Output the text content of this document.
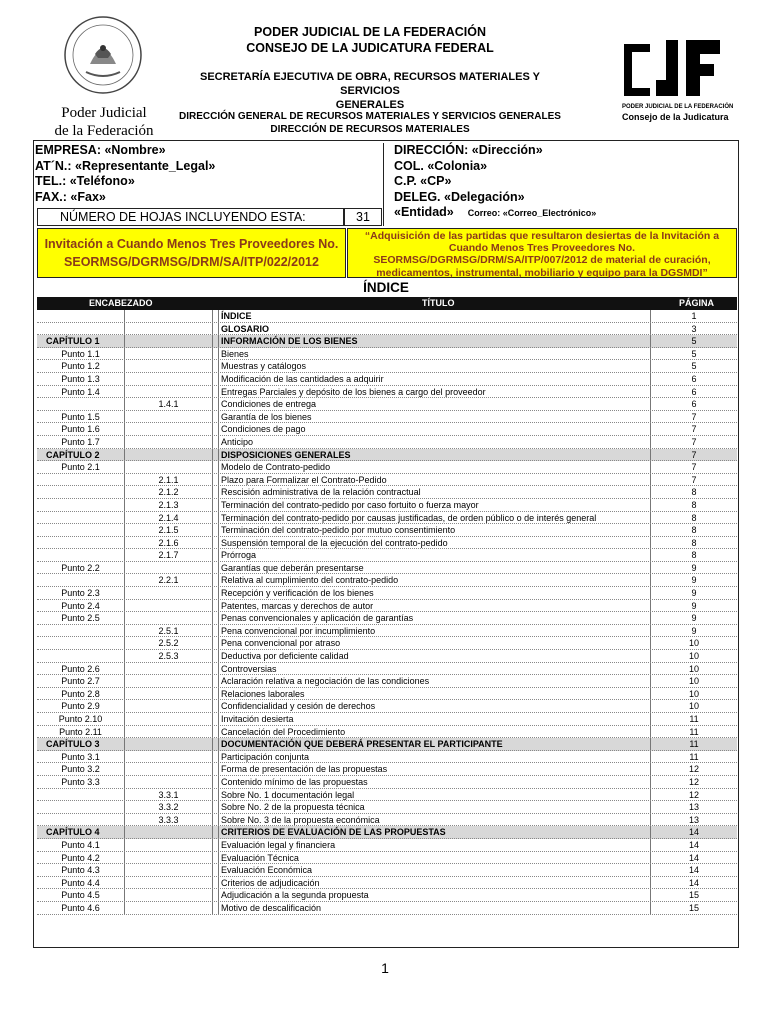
Poder Judicial
de la Federación
PODER JUDICIAL DE LA FEDERACIÓN
CONSEJO DE LA JUDICATURA FEDERAL
SECRETARÍA EJECUTIVA DE OBRA, RECURSOS MATERIALES Y SERVICIOS
GENERALES
DIRECCIÓN GENERAL DE RECURSOS MATERIALES Y SERVICIOS GENERALES
DIRECCIÓN DE RECURSOS MATERIALES
PODER JUDICIAL DE LA FEDERACIÓN
Consejo de la Judicatura
EMPRESA: «Nombre»
AT´N.: «Representante_Legal»
TEL.: «Teléfono»
FAX.: «Fax»
NÚMERO DE HOJAS INCLUYENDO ESTA:	31
DIRECCIÓN: «Dirección»
COL. «Colonia»
C.P. «CP»
DELEG. «Delegación»
«Entidad» Correo: «Correo_Electrónico»
Invitación a Cuando Menos Tres Proveedores No.
SEORMSG/DGRMSG/DRM/SA/ITP/022/2012
“Adquisición de las partidas que resultaron desiertas de la Invitación a
Cuando Menos Tres Proveedores No.
SEORMSG/DGRMSG/DRM/SA/ITP/007/2012 de material de curación,
medicamentos, instrumental, mobiliario y equipo para la DGSMDI”
ÍNDICE
ENCABEZADO	TÍTULO	PÁGINA
ÍNDICE	1
GLOSARIO	3
CAPÍTULO 1	INFORMACIÓN DE LOS BIENES	5
Punto 1.1	Bienes	5
Punto 1.2	Muestras y catálogos	5
Punto 1.3	Modificación de las cantidades a adquirir	6
Punto 1.4	Entregas Parciales y depósito de los bienes a cargo del proveedor	6
1.4.1	Condiciones de entrega	6
Punto 1.5	Garantía de los bienes	7
Punto 1.6	Condiciones de pago	7
Punto 1.7	Anticipo	7
CAPÍTULO 2	DISPOSICIONES GENERALES	7
Punto 2.1	Modelo de Contrato-pedido	7
2.1.1	Plazo para Formalizar el Contrato-Pedido	7
2.1.2	Rescisión administrativa de la relación contractual	8
2.1.3	Terminación del contrato-pedido por caso fortuito o fuerza mayor	8
2.1.4	Terminación del contrato-pedido por causas justificadas, de orden público o de interés general	8
2.1.5	Terminación del contrato-pedido por mutuo consentimiento	8
2.1.6	Suspensión temporal de la ejecución del contrato-pedido	8
2.1.7	Prórroga	8
Punto 2.2	Garantías que deberán presentarse	9
2.2.1	Relativa al cumplimiento del contrato-pedido	9
Punto 2.3	Recepción y verificación de los bienes	9
Punto 2.4	Patentes, marcas y derechos de autor	9
Punto 2.5	Penas convencionales y aplicación de garantías	9
2.5.1	Pena convencional por incumplimiento	9
2.5.2	Pena convencional por atraso	10
2.5.3	Deductiva por deficiente calidad	10
Punto 2.6	Controversias	10
Punto 2.7	Aclaración relativa a negociación de las condiciones	10
Punto 2.8	Relaciones laborales	10
Punto 2.9	Confidencialidad y cesión de derechos	10
Punto 2.10	Invitación desierta	11
Punto 2.11	Cancelación del Procedimiento	11
CAPÍTULO 3	DOCUMENTACIÓN QUE DEBERÁ PRESENTAR EL PARTICIPANTE	11
Punto 3.1	Participación conjunta	11
Punto 3.2	Forma de presentación de las propuestas	12
Punto 3.3	Contenido mínimo de las propuestas	12
3.3.1	Sobre No. 1 documentación legal	12
3.3.2	Sobre No. 2 de la propuesta técnica	13
3.3.3	Sobre No. 3 de la propuesta económica	13
CAPÍTULO 4	CRITERIOS DE EVALUACIÓN DE LAS PROPUESTAS	14
Punto 4.1	Evaluación legal y financiera	14
Punto 4.2	Evaluación Técnica	14
Punto 4.3	Evaluación Económica	14
Punto 4.4	Criterios de adjudicación	14
Punto 4.5	Adjudicación a la segunda propuesta	15
Punto 4.6	Motivo de descalificación	15
1
